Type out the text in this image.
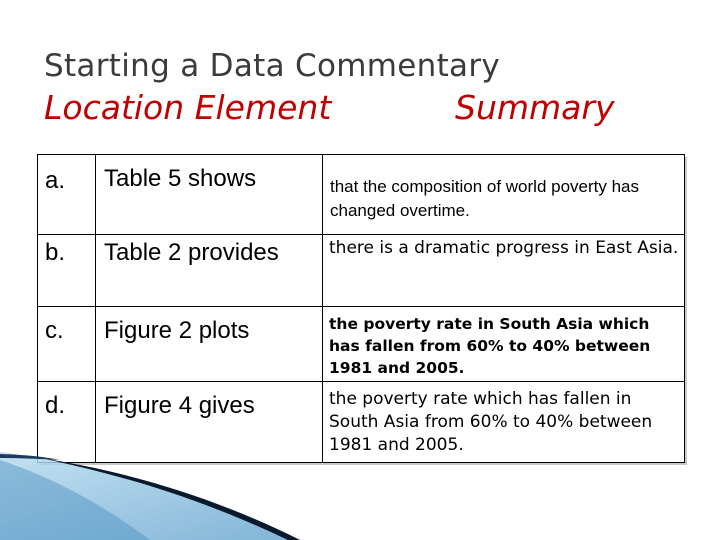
Starting a Data Commentary
Location Element	Summary
a.	Table 5 shows	that the composition of world poverty has changed overtime.
b.	Table 2 provides	there is a dramatic progress in East Asia.
c.	Figure 2 plots	the poverty rate in South Asia which has fallen from 60% to 40% between 1981 and 2005.
d.	Figure 4 gives	the poverty rate which has fallen in South Asia from 60% to 40% between 1981 and 2005.
